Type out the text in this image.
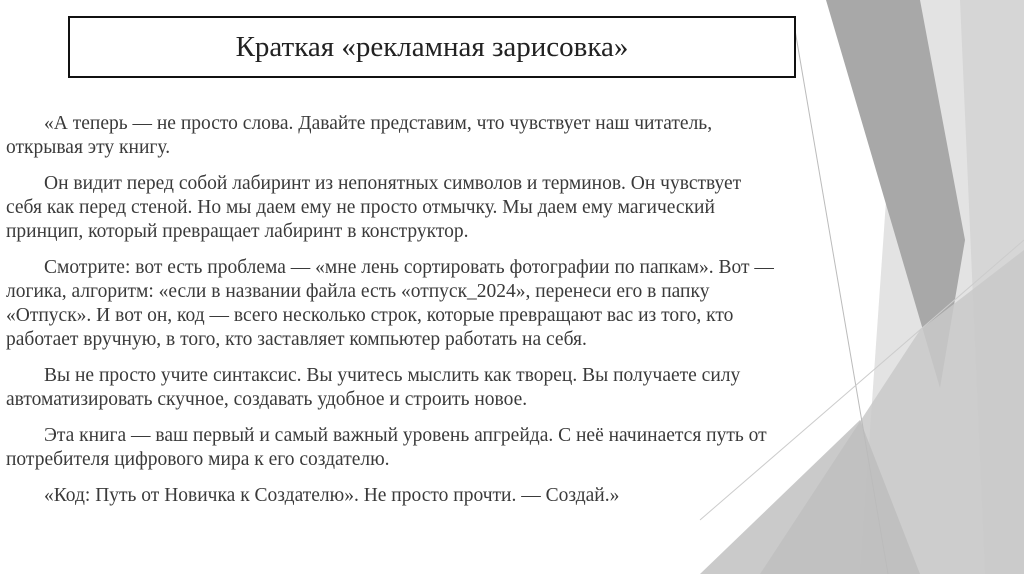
Краткая «рекламная зарисовка»
«А теперь — не просто слова. Давайте представим, что чувствует наш читатель,
открывая эту книгу.
Он видит перед собой лабиринт из непонятных символов и терминов. Он чувствует
себя как перед стеной. Но мы даем ему не просто отмычку. Мы даем ему магический
принцип, который превращает лабиринт в конструктор.
Смотрите: вот есть проблема — «мне лень сортировать фотографии по папкам». Вот —
логика, алгоритм: «если в названии файла есть «отпуск_2024», перенеси его в папку
«Отпуск». И вот он, код — всего несколько строк, которые превращают вас из того, кто
работает вручную, в того, кто заставляет компьютер работать на себя.
Вы не просто учите синтаксис. Вы учитесь мыслить как творец. Вы получаете силу
автоматизировать скучное, создавать удобное и строить новое.
Эта книга — ваш первый и самый важный уровень апгрейда. С неё начинается путь от
потребителя цифрового мира к его создателю.
«Код: Путь от Новичка к Создателю». Не просто прочти. — Создай.»
